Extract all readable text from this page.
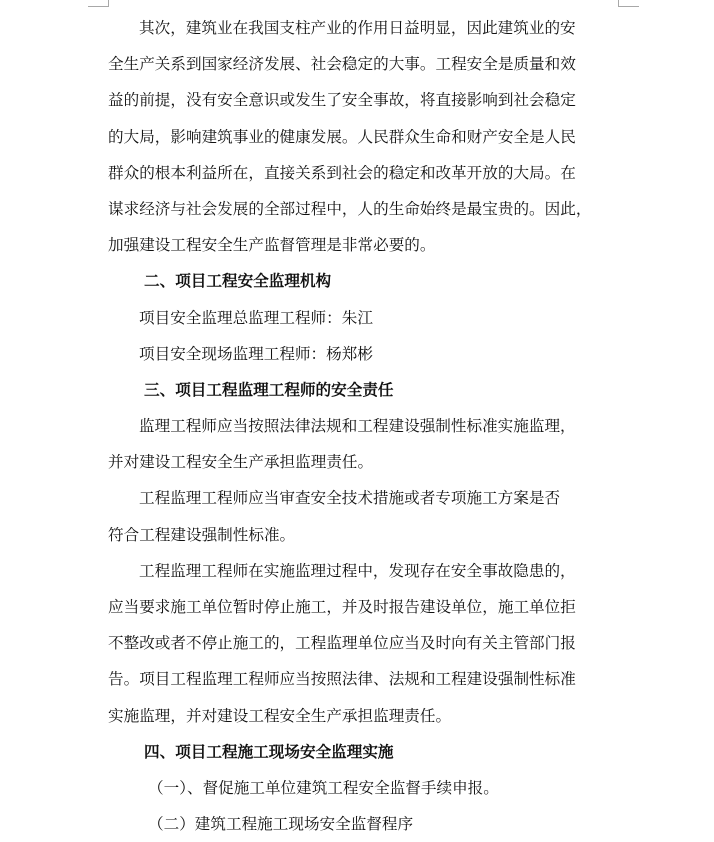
其次，建筑业在我国支柱产业的作用日益明显，因此建筑业的安
全生产关系到国家经济发展、社会稳定的大事。工程安全是质量和效
益的前提，没有安全意识或发生了安全事故，将直接影响到社会稳定
的大局，影响建筑事业的健康发展。人民群众生命和财产安全是人民
群众的根本利益所在，直接关系到社会的稳定和改革开放的大局。在
谋求经济与社会发展的全部过程中，人的生命始终是最宝贵的。因此，
加强建设工程安全生产监督管理是非常必要的。
二、项目工程安全监理机构
项目安全监理总监理工程师：朱江
项目安全现场监理工程师：杨郑彬
三、项目工程监理工程师的安全责任
监理工程师应当按照法律法规和工程建设强制性标准实施监理，
并对建设工程安全生产承担监理责任。
工程监理工程师应当审查安全技术措施或者专项施工方案是否
符合工程建设强制性标准。
工程监理工程师在实施监理过程中，发现存在安全事故隐患的，
应当要求施工单位暂时停止施工，并及时报告建设单位，施工单位拒
不整改或者不停止施工的，工程监理单位应当及时向有关主管部门报
告。项目工程监理工程师应当按照法律、法规和工程建设强制性标准
实施监理，并对建设工程安全生产承担监理责任。
四、项目工程施工现场安全监理实施
（一）、督促施工单位建筑工程安全监督手续申报。
（二）建筑工程施工现场安全监督程序
